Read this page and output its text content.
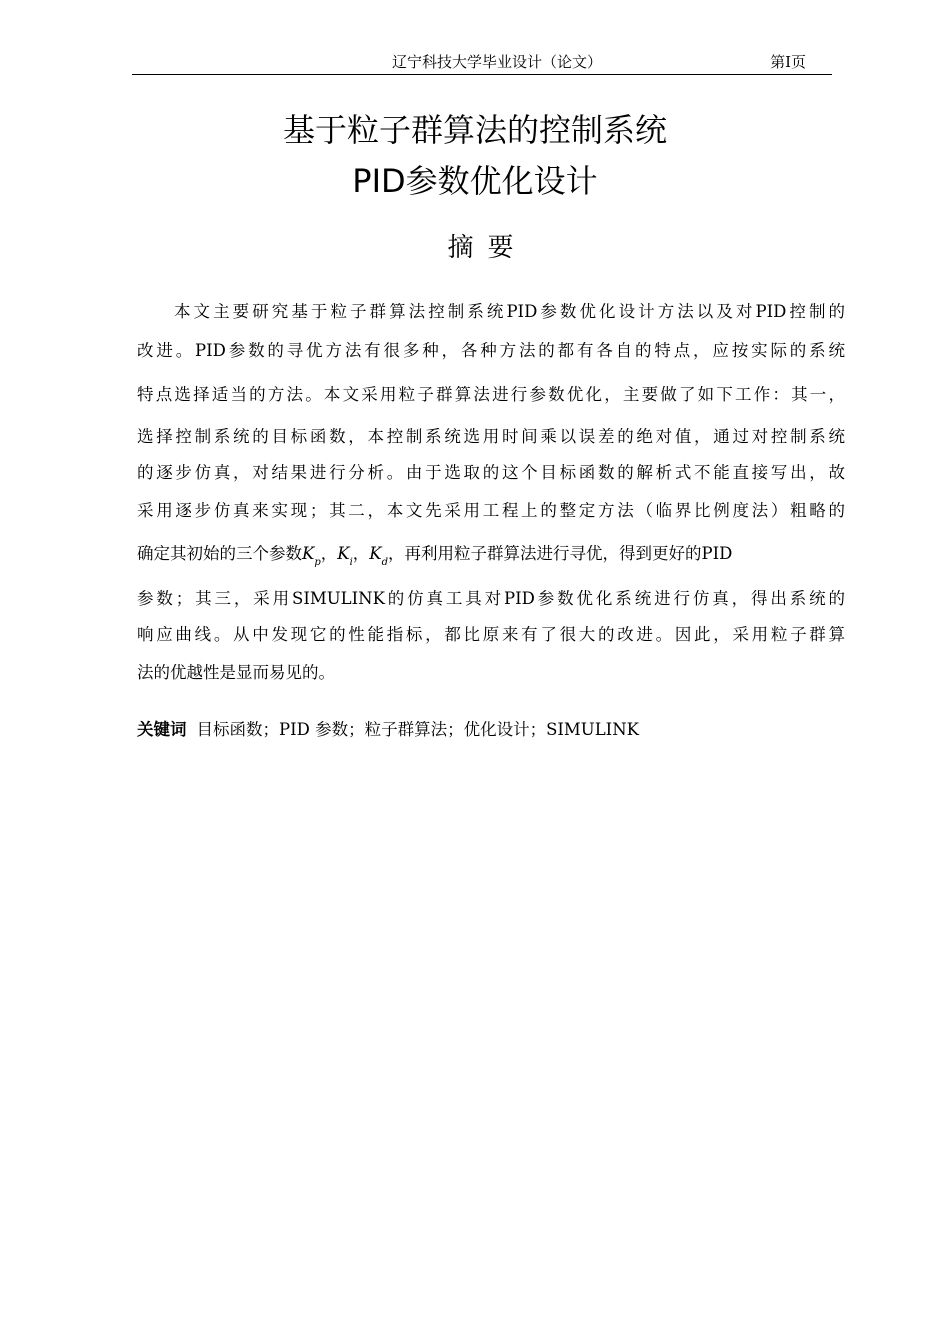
辽宁科技大学毕业设计（论文）	第I页
基于粒子群算法的控制系统
PID参数优化设计
摘要
本文主要研究基于粒子群算法控制系统PID参数优化设计方法以及对PID控制的
改进。PID参数的寻优方法有很多种，各种方法的都有各自的特点，应按实际的系统
特点选择适当的方法。本文采用粒子群算法进行参数优化，主要做了如下工作：其一，
选择控制系统的目标函数，本控制系统选用时间乘以误差的绝对值，通过对控制系统
的逐步仿真，对结果进行分析。由于选取的这个目标函数的解析式不能直接写出，故
采用逐步仿真来实现；其二，本文先采用工程上的整定方法（临界比例度法）粗略的
确定其初始的三个参数$K_p$，$K_i$，$K_d$，再利用粒子群算法进行寻优，得到更好的PID
参数；其三，采用SIMULINK的仿真工具对PID参数优化系统进行仿真，得出系统的
响应曲线。从中发现它的性能指标，都比原来有了很大的改进。因此，采用粒子群算
法的优越性是显而易见的。
关键词 目标函数；PID 参数；粒子群算法；优化设计；SIMULINK
